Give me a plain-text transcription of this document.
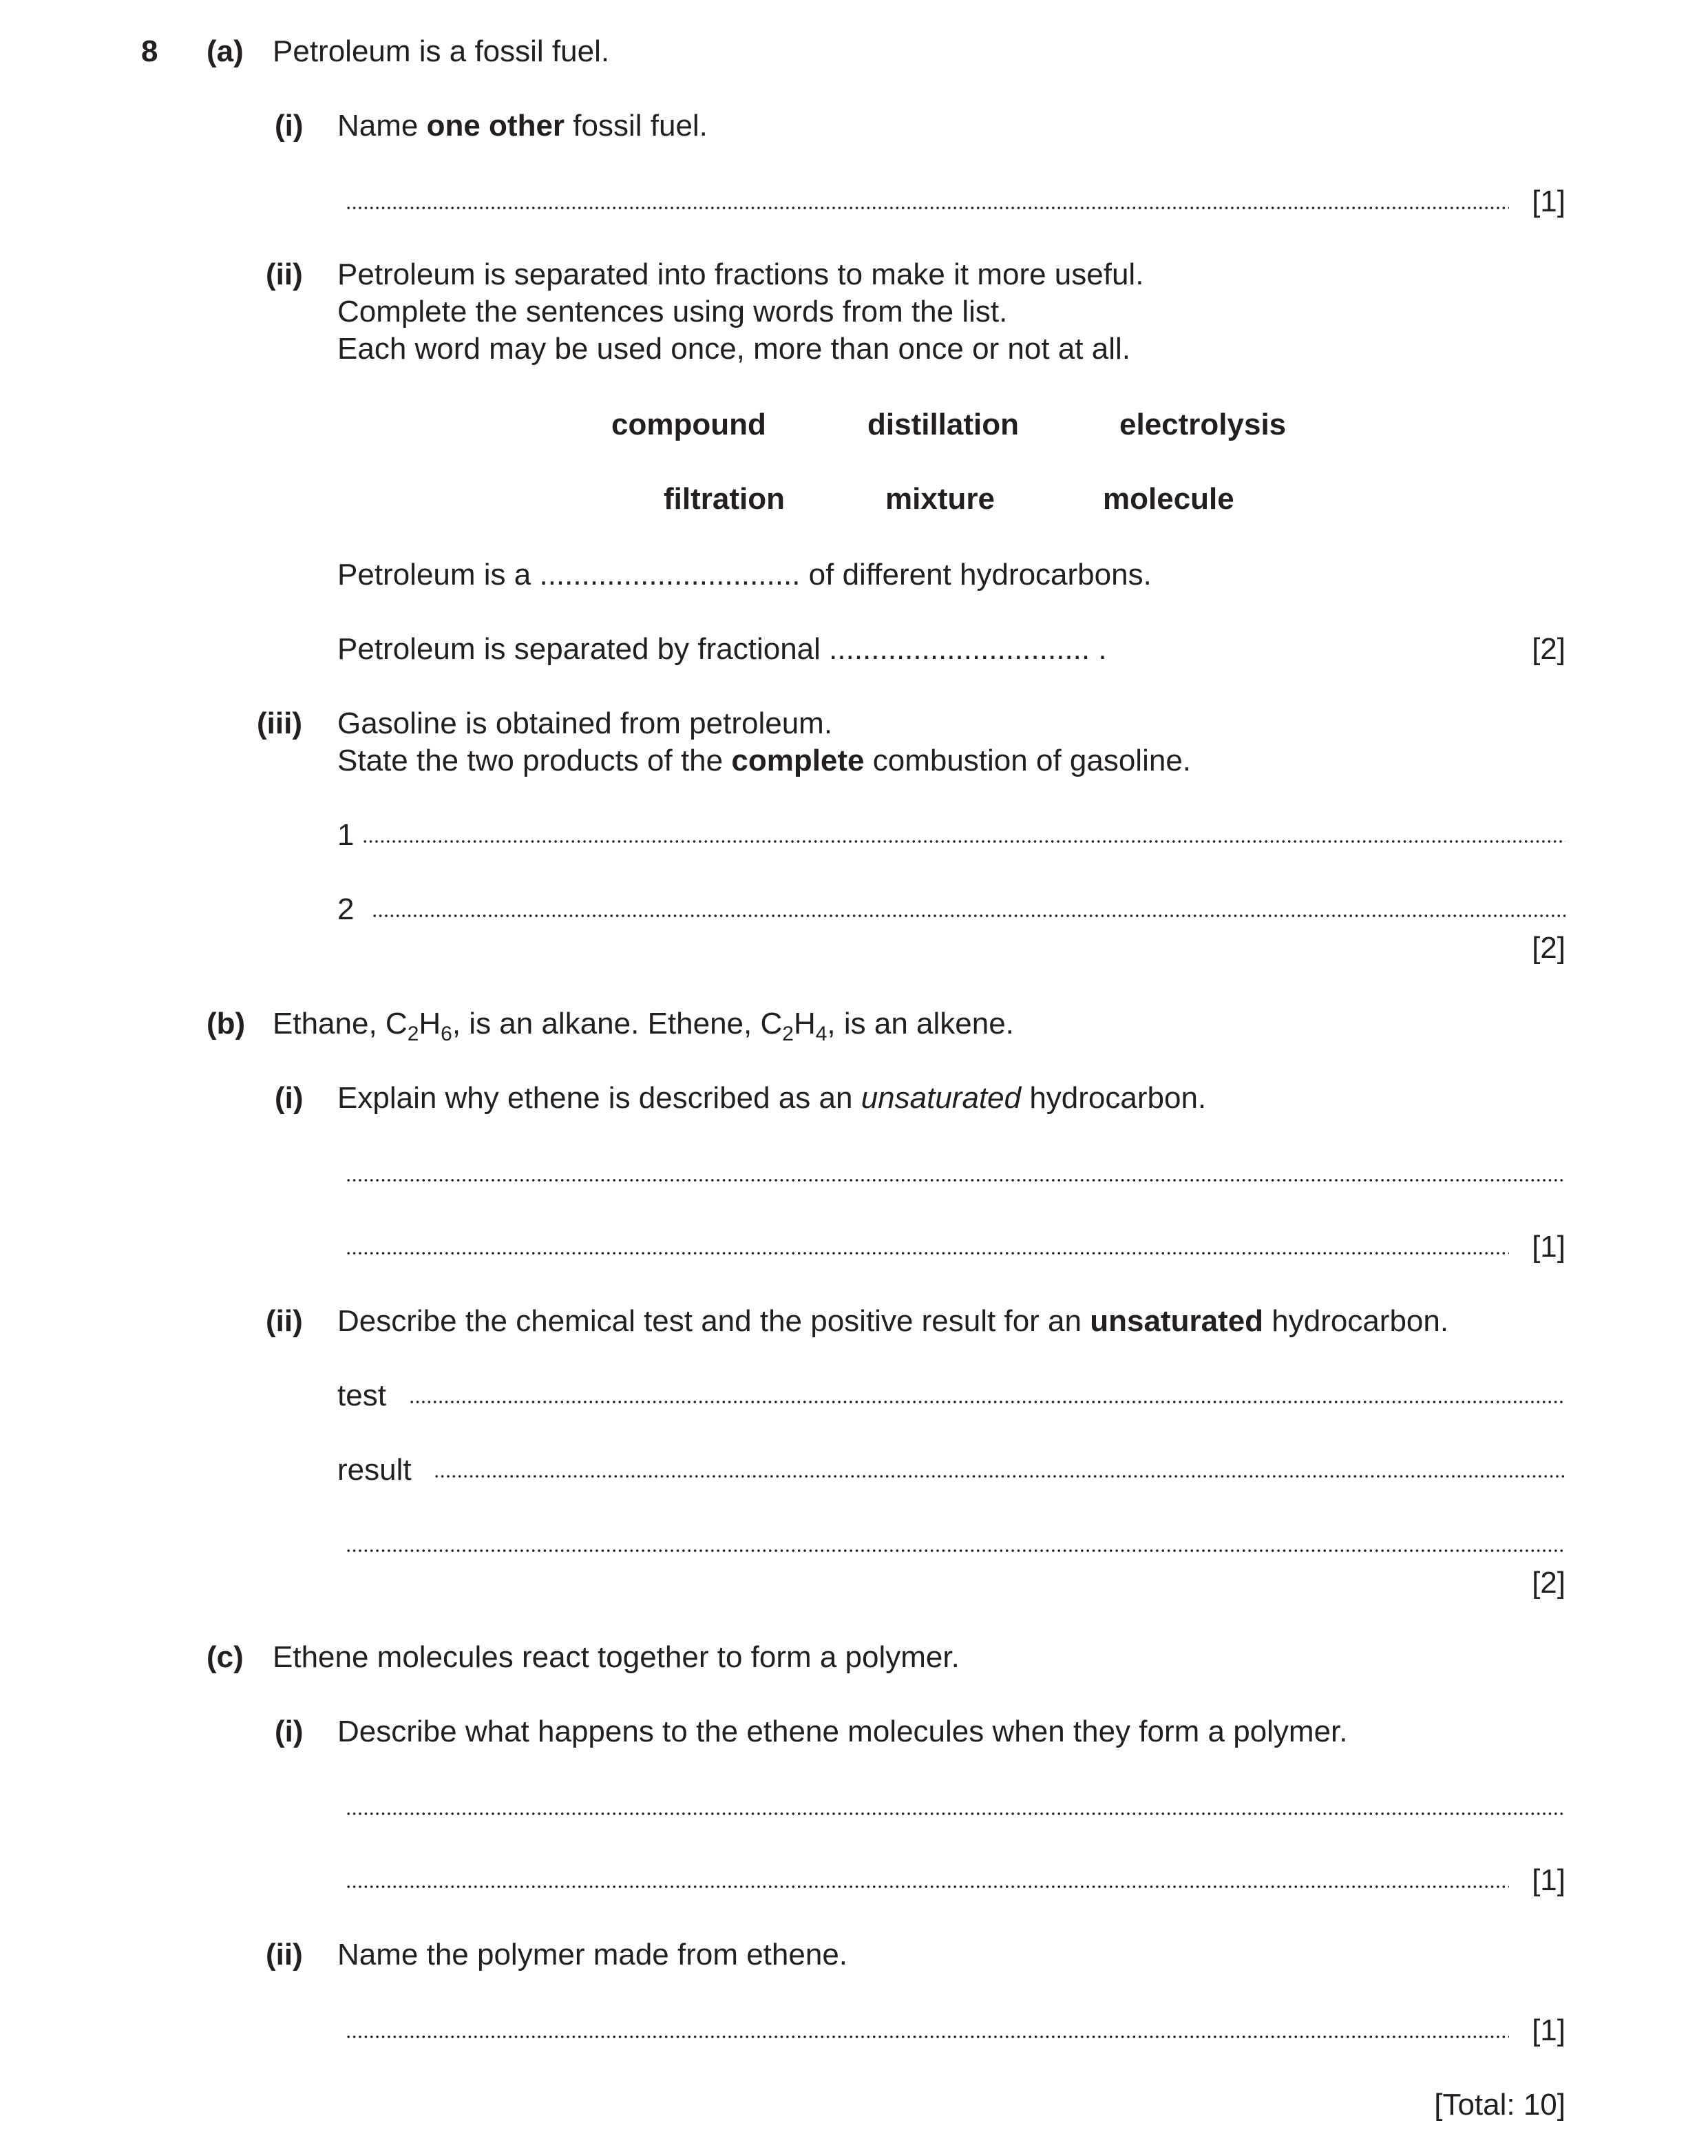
8 (a) Petroleum is a fossil fuel.
(i) Name one other fossil fuel.
[1]
(ii) Petroleum is separated into fractions to make it more useful.
Complete the sentences using words from the list.
Each word may be used once, more than once or not at all.
compound	distillation	electrolysis
filtration	mixture	molecule
Petroleum is a ............................... of different hydrocarbons.
Petroleum is separated by fractional ............................... .	[2]
(iii) Gasoline is obtained from petroleum.
State the two products of the complete combustion of gasoline.
1
2
[2]
(b) Ethane, $C_2H_6$, is an alkane. Ethene, $C_2H_4$, is an alkene.
(i) Explain why ethene is described as an unsaturated hydrocarbon.
[1]
(ii) Describe the chemical test and the positive result for an unsaturated hydrocarbon.
test
result
[2]
(c) Ethene molecules react together to form a polymer.
(i) Describe what happens to the ethene molecules when they form a polymer.
[1]
(ii) Name the polymer made from ethene.
[1]
[Total: 10]
